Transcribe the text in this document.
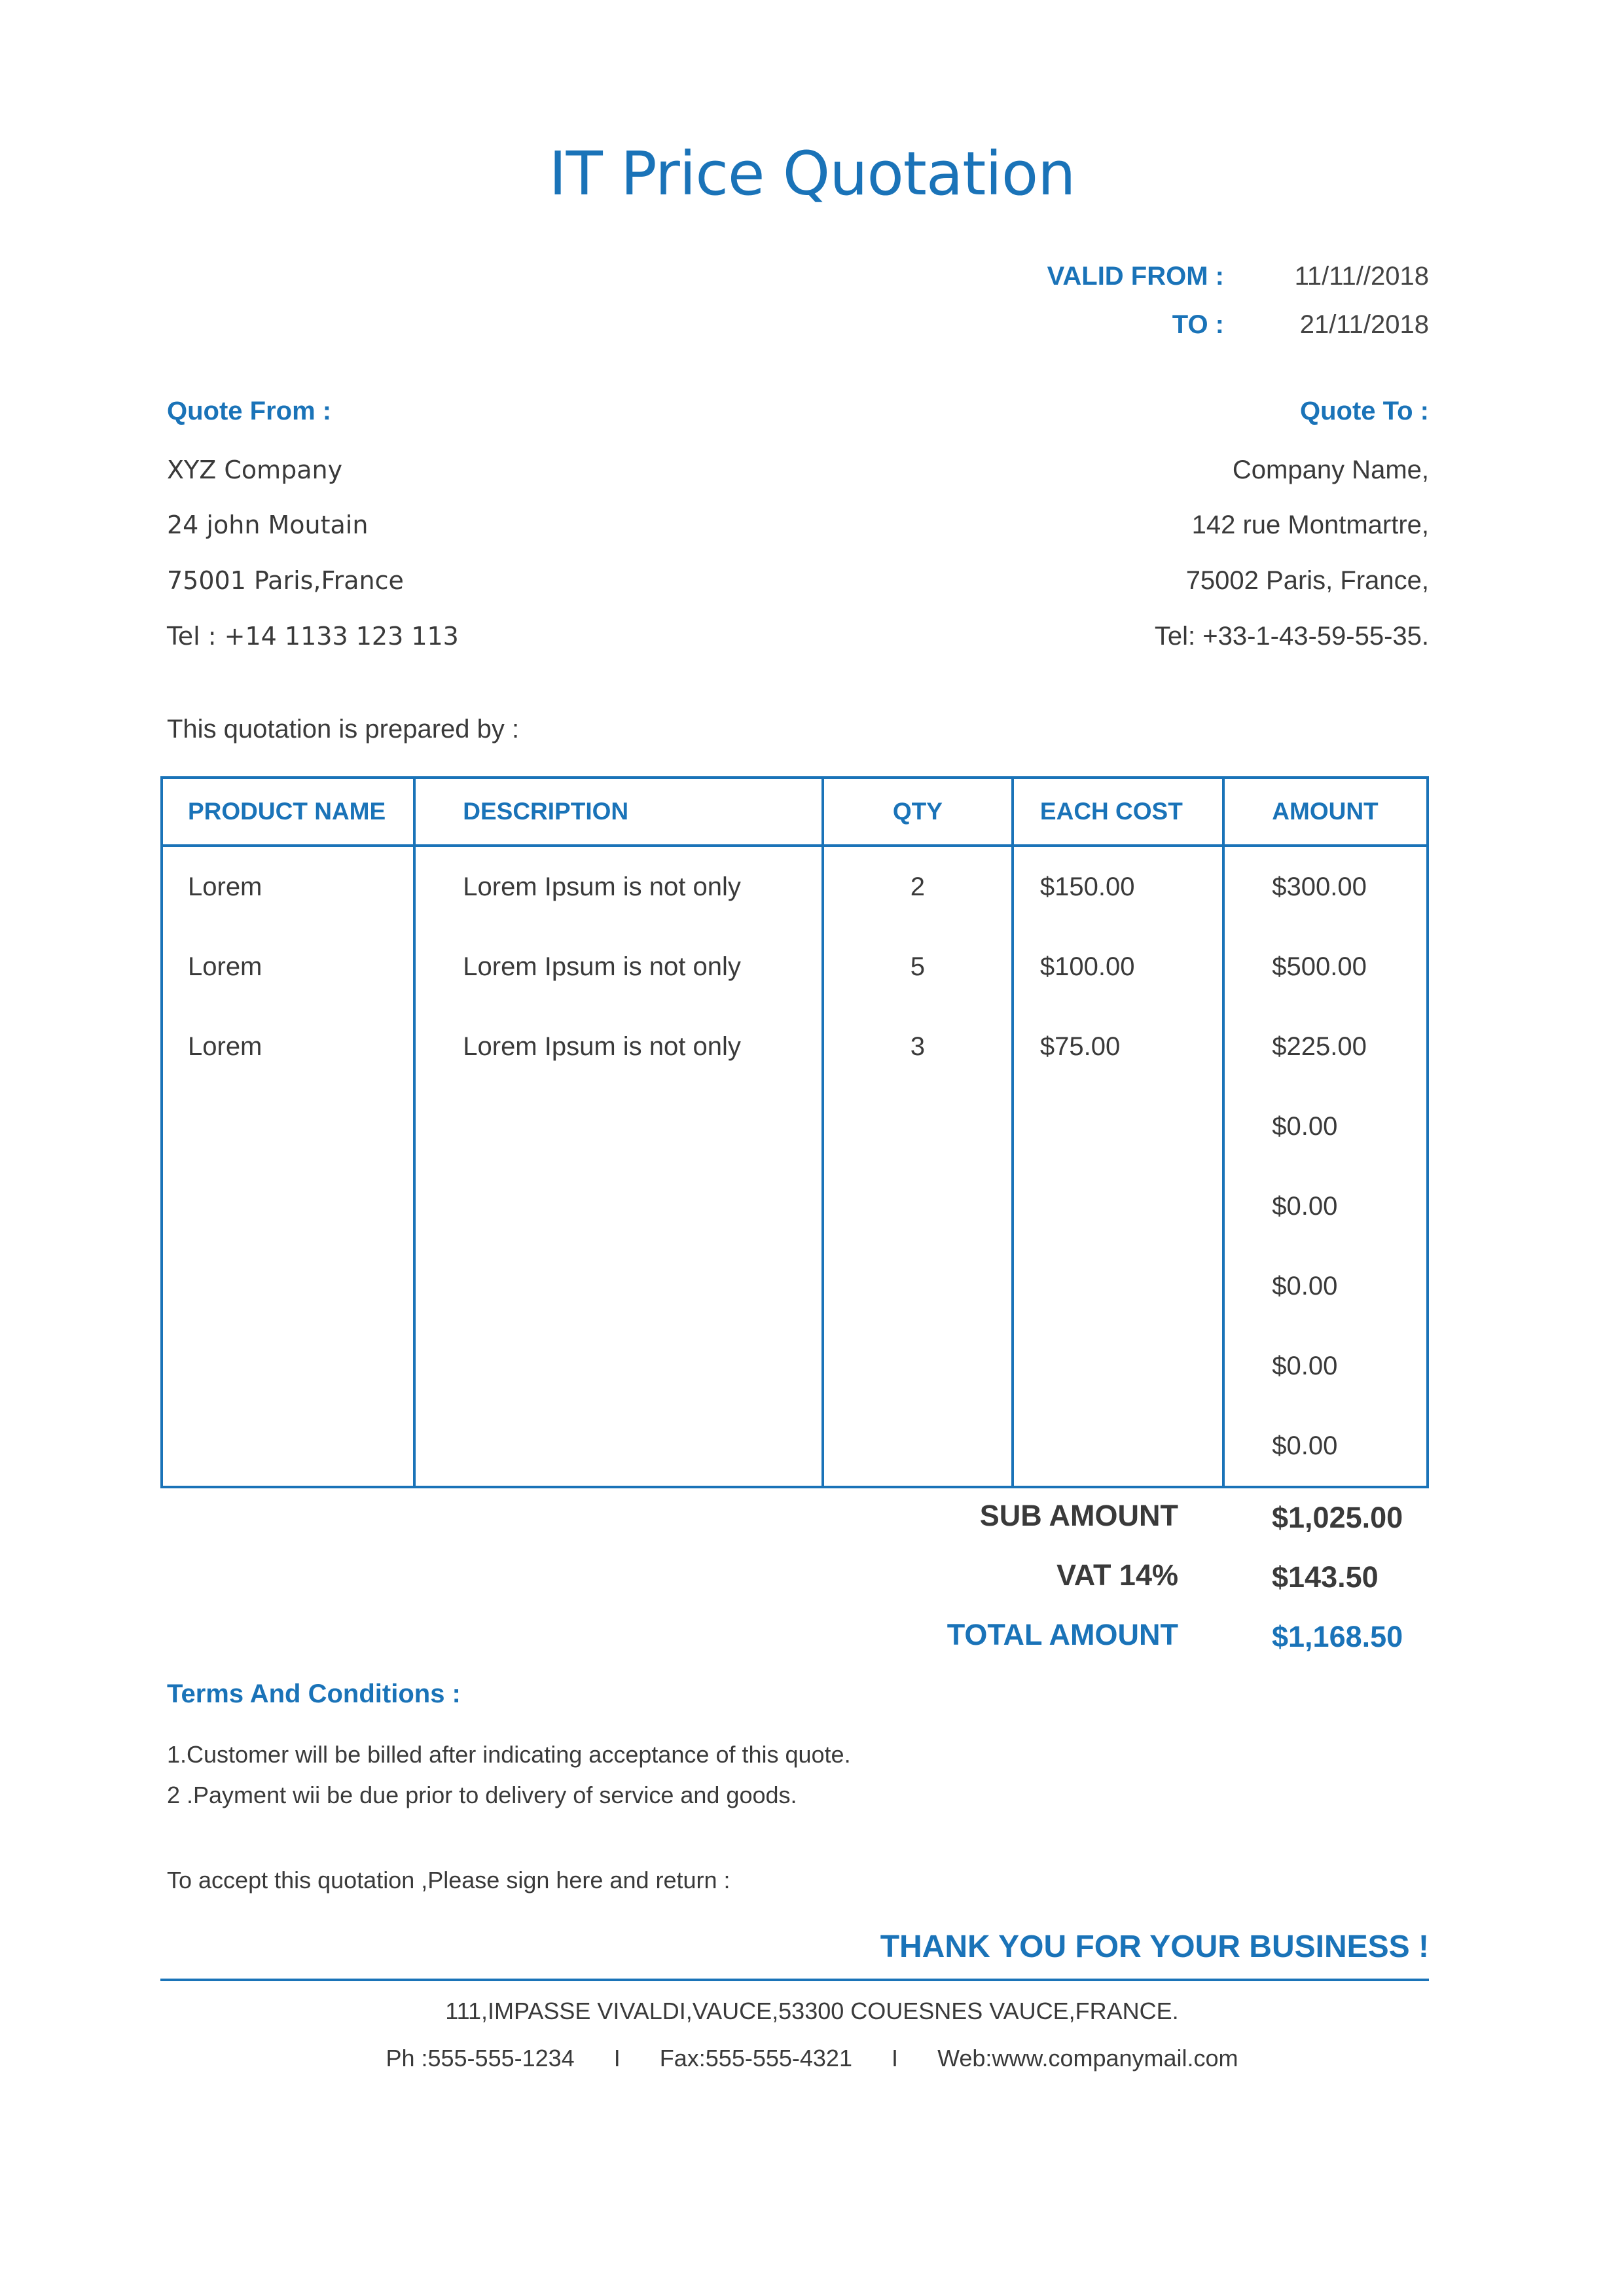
IT Price Quotation
VALID FROM :	11/11//2018
TO :	21/11/2018
Quote From :
XYZ Company
24 john Moutain
75001 Paris,France
Tel : +14 1133 123 113
Quote To :
Company Name,
142 rue Montmartre,
75002 Paris, France,
Tel: +33-1-43-59-55-35.
This quotation is prepared by :
PRODUCT NAME	DESCRIPTION	QTY	EACH COST	AMOUNT
Lorem	Lorem Ipsum is not only	2	$150.00	$300.00
Lorem	Lorem Ipsum is not only	5	$100.00	$500.00
Lorem	Lorem Ipsum is not only	3	$75.00	$225.00
				$0.00
				$0.00
				$0.00
				$0.00
				$0.00
SUB AMOUNT	$1,025.00
VAT 14%	$143.50
TOTAL AMOUNT	$1,168.50
Terms And Conditions :
1.Customer will be billed after indicating acceptance of this quote.
2 .Payment wii be due prior to delivery of service and goods.
To accept this quotation ,Please sign here and return :
THANK YOU FOR YOUR BUSINESS !
111,IMPASSE VIVALDI,VAUCE,53300 COUESNES VAUCE,FRANCE.
Ph :555-555-1234 I Fax:555-555-4321 I Web:www.companymail.com
